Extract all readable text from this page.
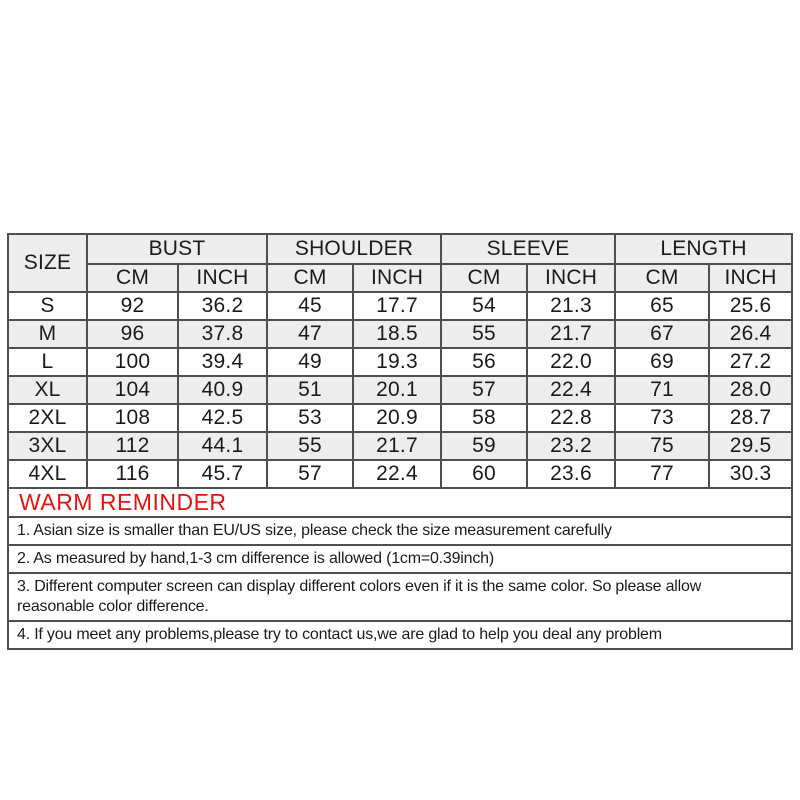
SIZE	BUST		SHOULDER		SLEEVE		LENGTH	
	CM	INCH	CM	INCH	CM	INCH	CM	INCH
S	92	36.2	45	17.7	54	21.3	65	25.6
M	96	37.8	47	18.5	55	21.7	67	26.4
L	100	39.4	49	19.3	56	22.0	69	27.2
XL	104	40.9	51	20.1	57	22.4	71	28.0
2XL	108	42.5	53	20.9	58	22.8	73	28.7
3XL	112	44.1	55	21.7	59	23.2	75	29.5
4XL	116	45.7	57	22.4	60	23.6	77	30.3
WARM REMINDER								
1. Asian size is smaller than EU/US size, please check the size measurement carefully								
2. As measured by hand,1-3 cm difference is allowed (1cm=0.39inch)								
3. Different computer screen can display different colors even if it is the same color. So please allow reasonable color difference.								
4. If you meet any problems,please try to contact us,we are glad to help you deal any problem								
